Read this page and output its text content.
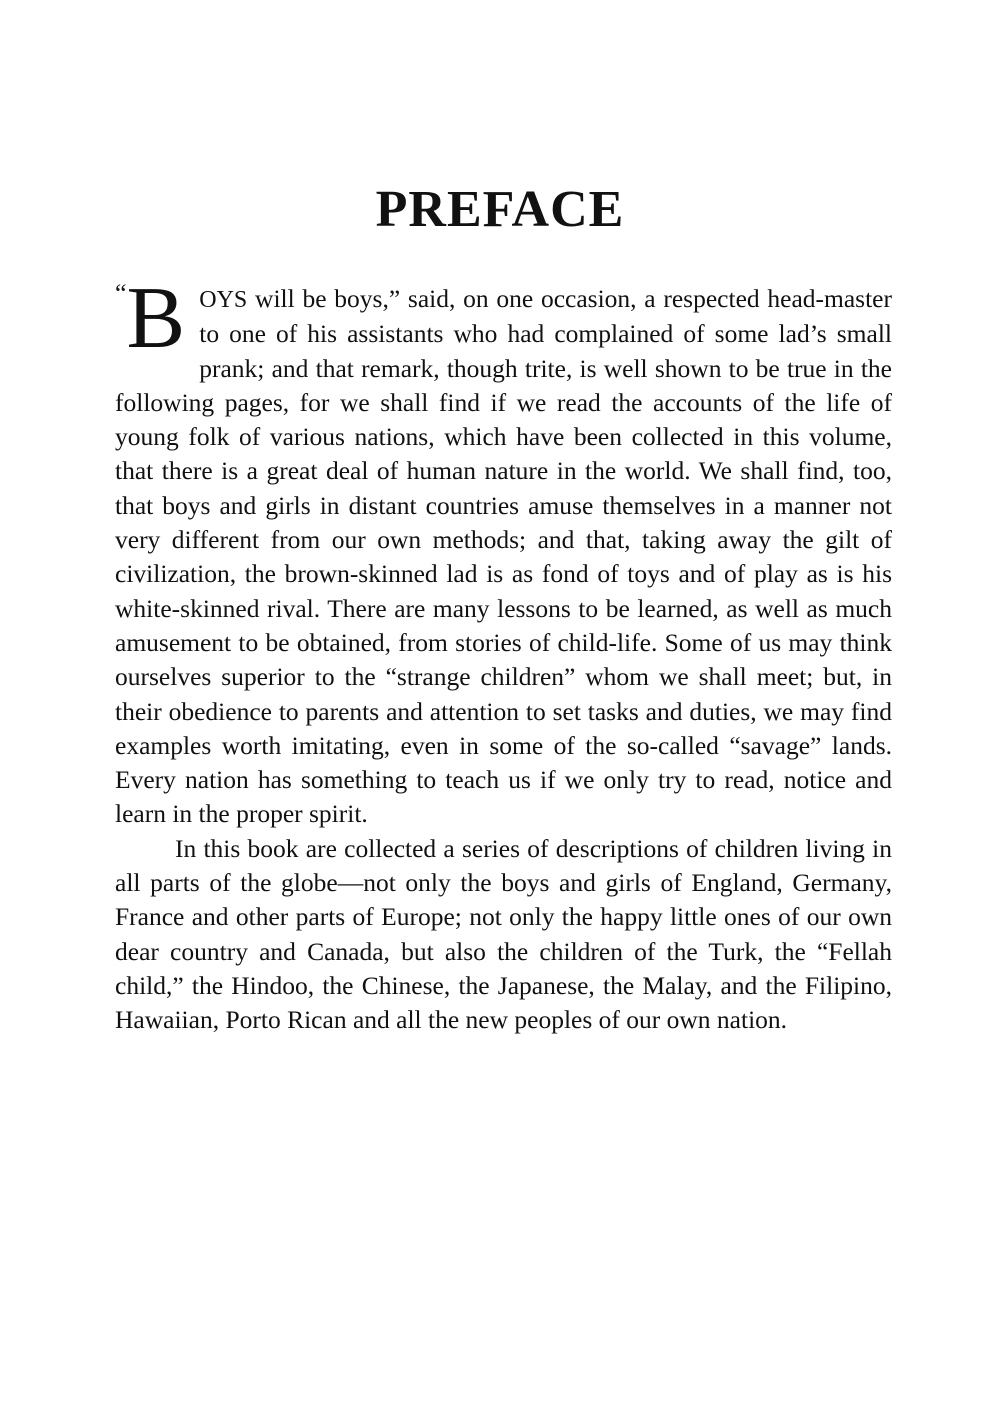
PREFACE

“ B OYS will be boys,” said, on one occasion, a respected head-master to one of his assistants who had complained of some lad’s small prank; and that remark, though trite, is well shown to be true in the following pages, for we shall find if we read the accounts of the life of young folk of various nations, which have been collected in this volume, that there is a great deal of human nature in the world. We shall find, too, that boys and girls in distant countries amuse themselves in a manner not very different from our own methods; and that, taking away the gilt of civilization, the brown-skinned lad is as fond of toys and of play as is his white-skinned rival. There are many lessons to be learned, as well as much amusement to be obtained, from stories of child-life. Some of us may think ourselves superior to the “strange children” whom we shall meet; but, in their obedience to parents and attention to set tasks and duties, we may find examples worth imitating, even in some of the so-called “savage” lands. Every nation has something to teach us if we only try to read, notice and learn in the proper spirit.

In this book are collected a series of descriptions of children living in all parts of the globe—not only the boys and girls of England, Germany, France and other parts of Europe; not only the happy little ones of our own dear country and Canada, but also the children of the Turk, the “Fellah child,” the Hindoo, the Chinese, the Japanese, the Malay, and the Filipino, Hawaiian, Porto Rican and all the new peoples of our own nation.
